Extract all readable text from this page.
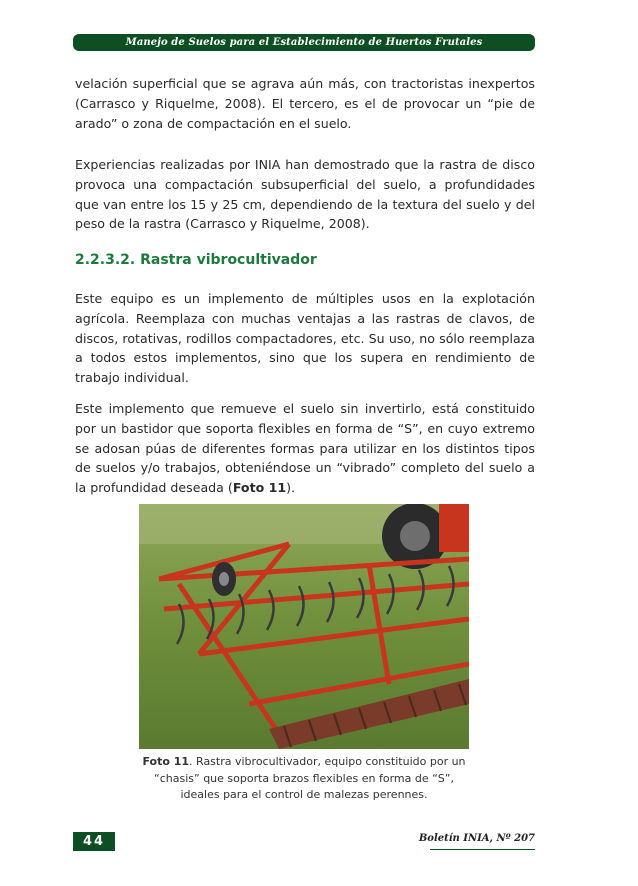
Manejo de Suelos para el Establecimiento de Huertos Frutales

velación superficial que se agrava aún más, con tractoristas inexpertos (Carrasco y Riquelme, 2008). El tercero, es el de provocar un “pie de arado” o zona de compactación en el suelo.

Experiencias realizadas por INIA han demostrado que la rastra de disco provoca una compactación subsuperficial del suelo, a profundidades que van entre los 15 y 25 cm, dependiendo de la textura del suelo y del peso de la rastra (Carrasco y Riquelme, 2008).

2.2.3.2. Rastra vibrocultivador

Este equipo es un implemento de múltiples usos en la explotación agrícola. Reemplaza con muchas ventajas a las rastras de clavos, de discos, rotativas, rodillos compactadores, etc. Su uso, no sólo reemplaza a todos estos implementos, sino que los supera en rendimiento de trabajo individual.

Este implemento que remueve el suelo sin invertirlo, está constituido por un bastidor que soporta flexibles en forma de “S”, en cuyo extremo se adosan púas de diferentes formas para utilizar en los distintos tipos de suelos y/o trabajos, obteniéndose un “vibrado” completo del suelo a la profundidad deseada (Foto 11).

Foto 11. Rastra vibrocultivador, equipo constituido por un “chasis” que soporta brazos flexibles en forma de “S”, ideales para el control de malezas perennes.

44	Boletín INIA, Nº 207
